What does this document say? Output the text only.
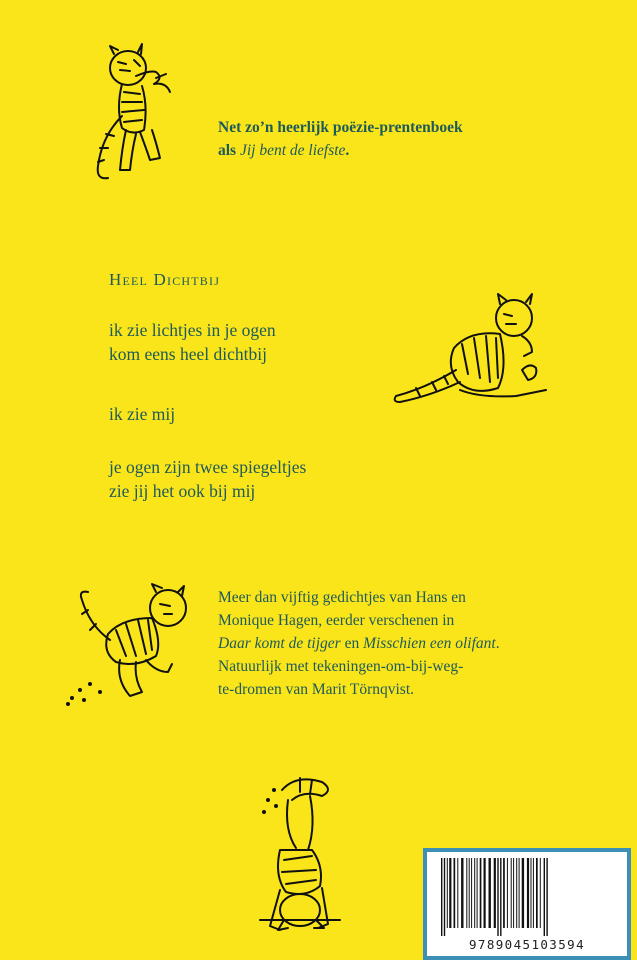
Net zo’n heerlijk poëzie-prentenboek
als Jij bent de liefste.
Heel Dichtbij
ik zie lichtjes in je ogen
kom eens heel dichtbij
ik zie mij
je ogen zijn twee spiegeltjes
zie jij het ook bij mij
Meer dan vijftig gedichtjes van Hans en
Monique Hagen, eerder verschenen in
Daar komt de tijger en Misschien een olifant.
Natuurlijk met tekeningen-om-bij-weg-
te-dromen van Marit Törnqvist.
9789045103594
